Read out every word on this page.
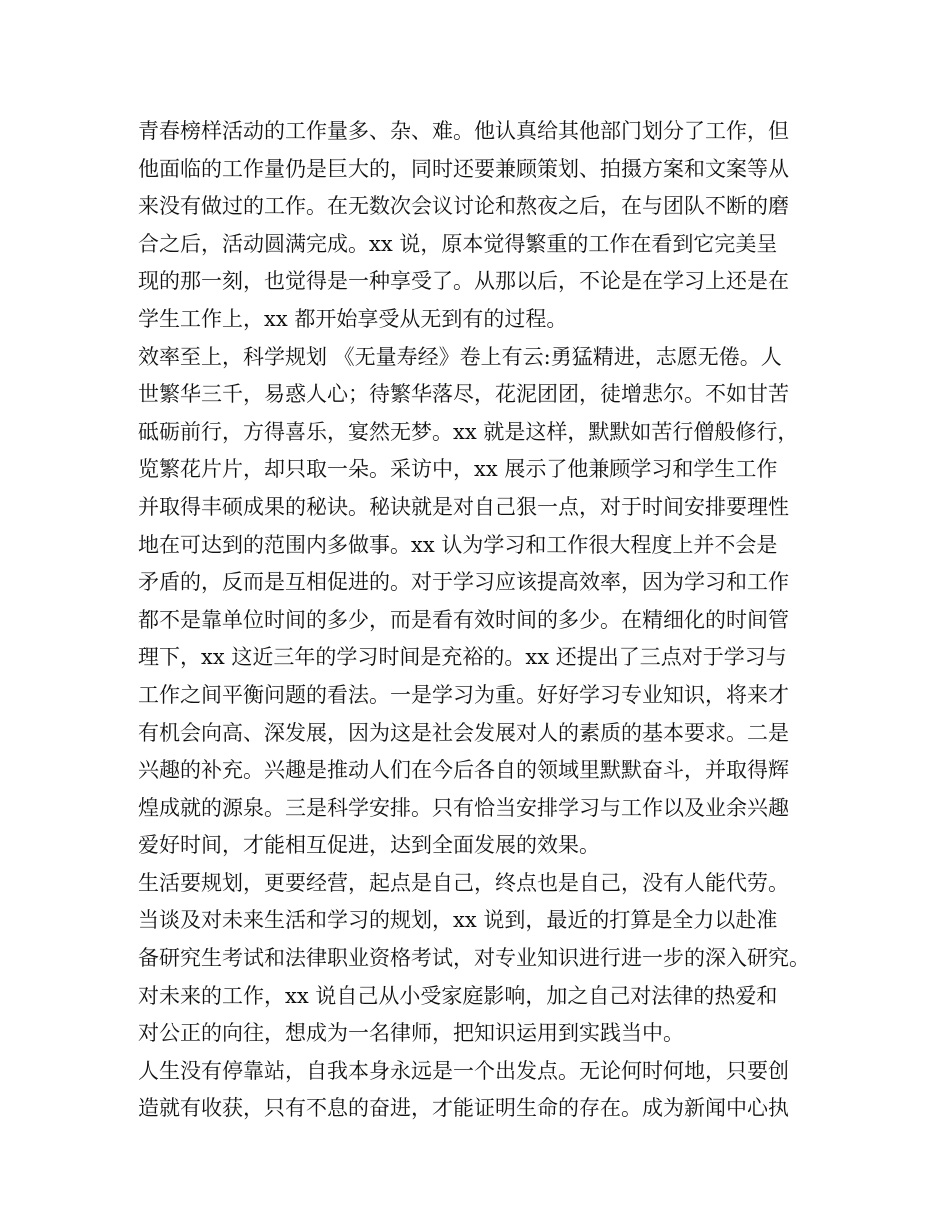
青春榜样活动的工作量多、杂、难。他认真给其他部门划分了工作，但
他面临的工作量仍是巨大的，同时还要兼顾策划、拍摄方案和文案等从
来没有做过的工作。在无数次会议讨论和熬夜之后，在与团队不断的磨
合之后，活动圆满完成。xx 说，原本觉得繁重的工作在看到它完美呈
现的那一刻，也觉得是一种享受了。从那以后，不论是在学习上还是在
学生工作上，xx 都开始享受从无到有的过程。
效率至上，科学规划 《无量寿经》卷上有云:勇猛精进，志愿无倦。人
世繁华三千，易惑人心；待繁华落尽，花泥团团，徒增悲尔。不如甘苦
砥砺前行，方得喜乐，宴然无梦。xx 就是这样，默默如苦行僧般修行，
览繁花片片，却只取一朵。采访中，xx 展示了他兼顾学习和学生工作
并取得丰硕成果的秘诀。秘诀就是对自己狠一点，对于时间安排要理性
地在可达到的范围内多做事。xx 认为学习和工作很大程度上并不会是
矛盾的，反而是互相促进的。对于学习应该提高效率，因为学习和工作
都不是靠单位时间的多少，而是看有效时间的多少。在精细化的时间管
理下，xx 这近三年的学习时间是充裕的。xx 还提出了三点对于学习与
工作之间平衡问题的看法。一是学习为重。好好学习专业知识，将来才
有机会向高、深发展，因为这是社会发展对人的素质的基本要求。二是
兴趣的补充。兴趣是推动人们在今后各自的领域里默默奋斗，并取得辉
煌成就的源泉。三是科学安排。只有恰当安排学习与工作以及业余兴趣
爱好时间，才能相互促进，达到全面发展的效果。
生活要规划，更要经营，起点是自己，终点也是自己，没有人能代劳。
当谈及对未来生活和学习的规划，xx 说到，最近的打算是全力以赴准
备研究生考试和法律职业资格考试，对专业知识进行进一步的深入研究。
对未来的工作，xx 说自己从小受家庭影响，加之自己对法律的热爱和
对公正的向往，想成为一名律师，把知识运用到实践当中。
人生没有停靠站，自我本身永远是一个出发点。无论何时何地，只要创
造就有收获，只有不息的奋进，才能证明生命的存在。成为新闻中心执
